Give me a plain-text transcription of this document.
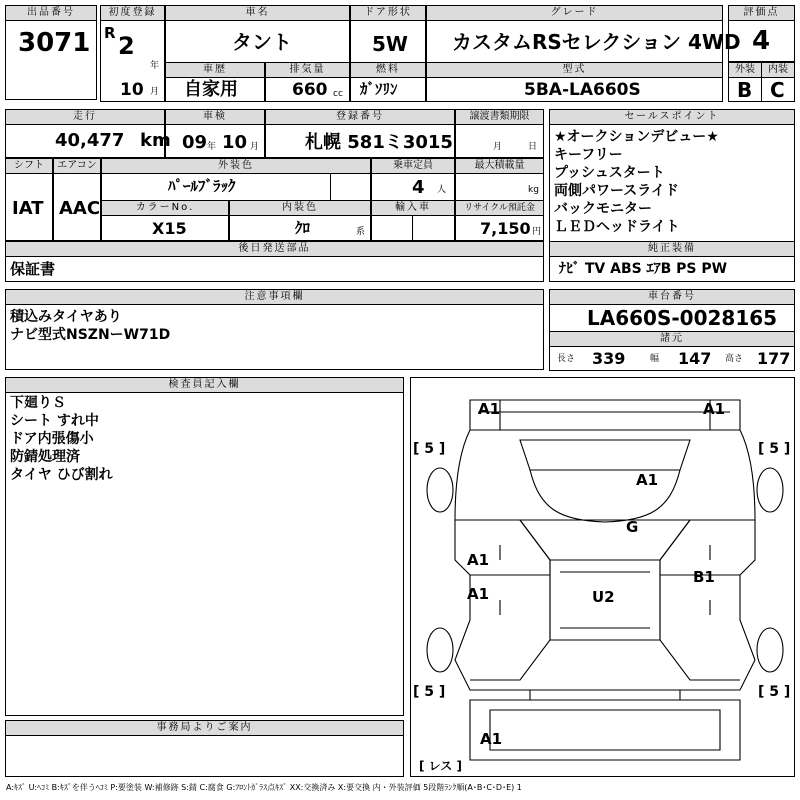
出品番号
3071
初度登録
R 2
年
10 月
車名
タント
ドア形状
5W
グレード
カスタムRSセレクション 4WD
評価点
4
車歴
自家用
排気量
660 cc
燃料
ｶﾞｿﾘﾝ
型式
5BA-LA660S
外装	内装
B C
走行
40,477 km
車検
09 年 10 月
登録番号
札幌 581ミ3015
譲渡書類期限
月	日
シフト	エアコン
IAT AAC
外装色
ﾊﾟｰﾙﾌﾞﾗｯｸ
乗車定員
4 人
最大積載量
kg
カラーNo.
X15
内装色
ｸﾛ	系
輸入車	リサイクル預託金
7,150 円
後日発送部品
保証書
セールスポイント
★オークションデビュー★
キーフリー
プッシュスタート
両側パワースライド
バックモニター
ＬＥＤヘッドライト
純正装備
ﾅﾋﾞ TV ABS ｴｱB PS PW
注意事項欄
積込みタイヤあり
ナビ型式NSZNーW71D
車台番号
LA660S-0028165
諸元
長さ 339	幅 147 高さ 177
検査員記入欄
下廻りＳ
シート すれ中
ドア内張傷小
防錆処理済
タイヤ ひび割れ
事務局よりご案内
A1	A1
A1
G
A1
A1
B1
U2
A1
[ 5 ]	[ 5 ]
[ 5 ]	[ 5 ]
[ レス ]
A:ｷｽﾞ U:ﾍｺﾐ B:ｷｽﾞを伴うﾍｺﾐ P:要塗装 W:補修跡 S:錆 C:腐食 G:ﾌﾛﾝﾄｶﾞﾗｽ点ｷｽﾞ XX:交換済み X:要交換 内・外装評価 5段階ﾗﾝｸ順(A･B･C･D･E) 1
